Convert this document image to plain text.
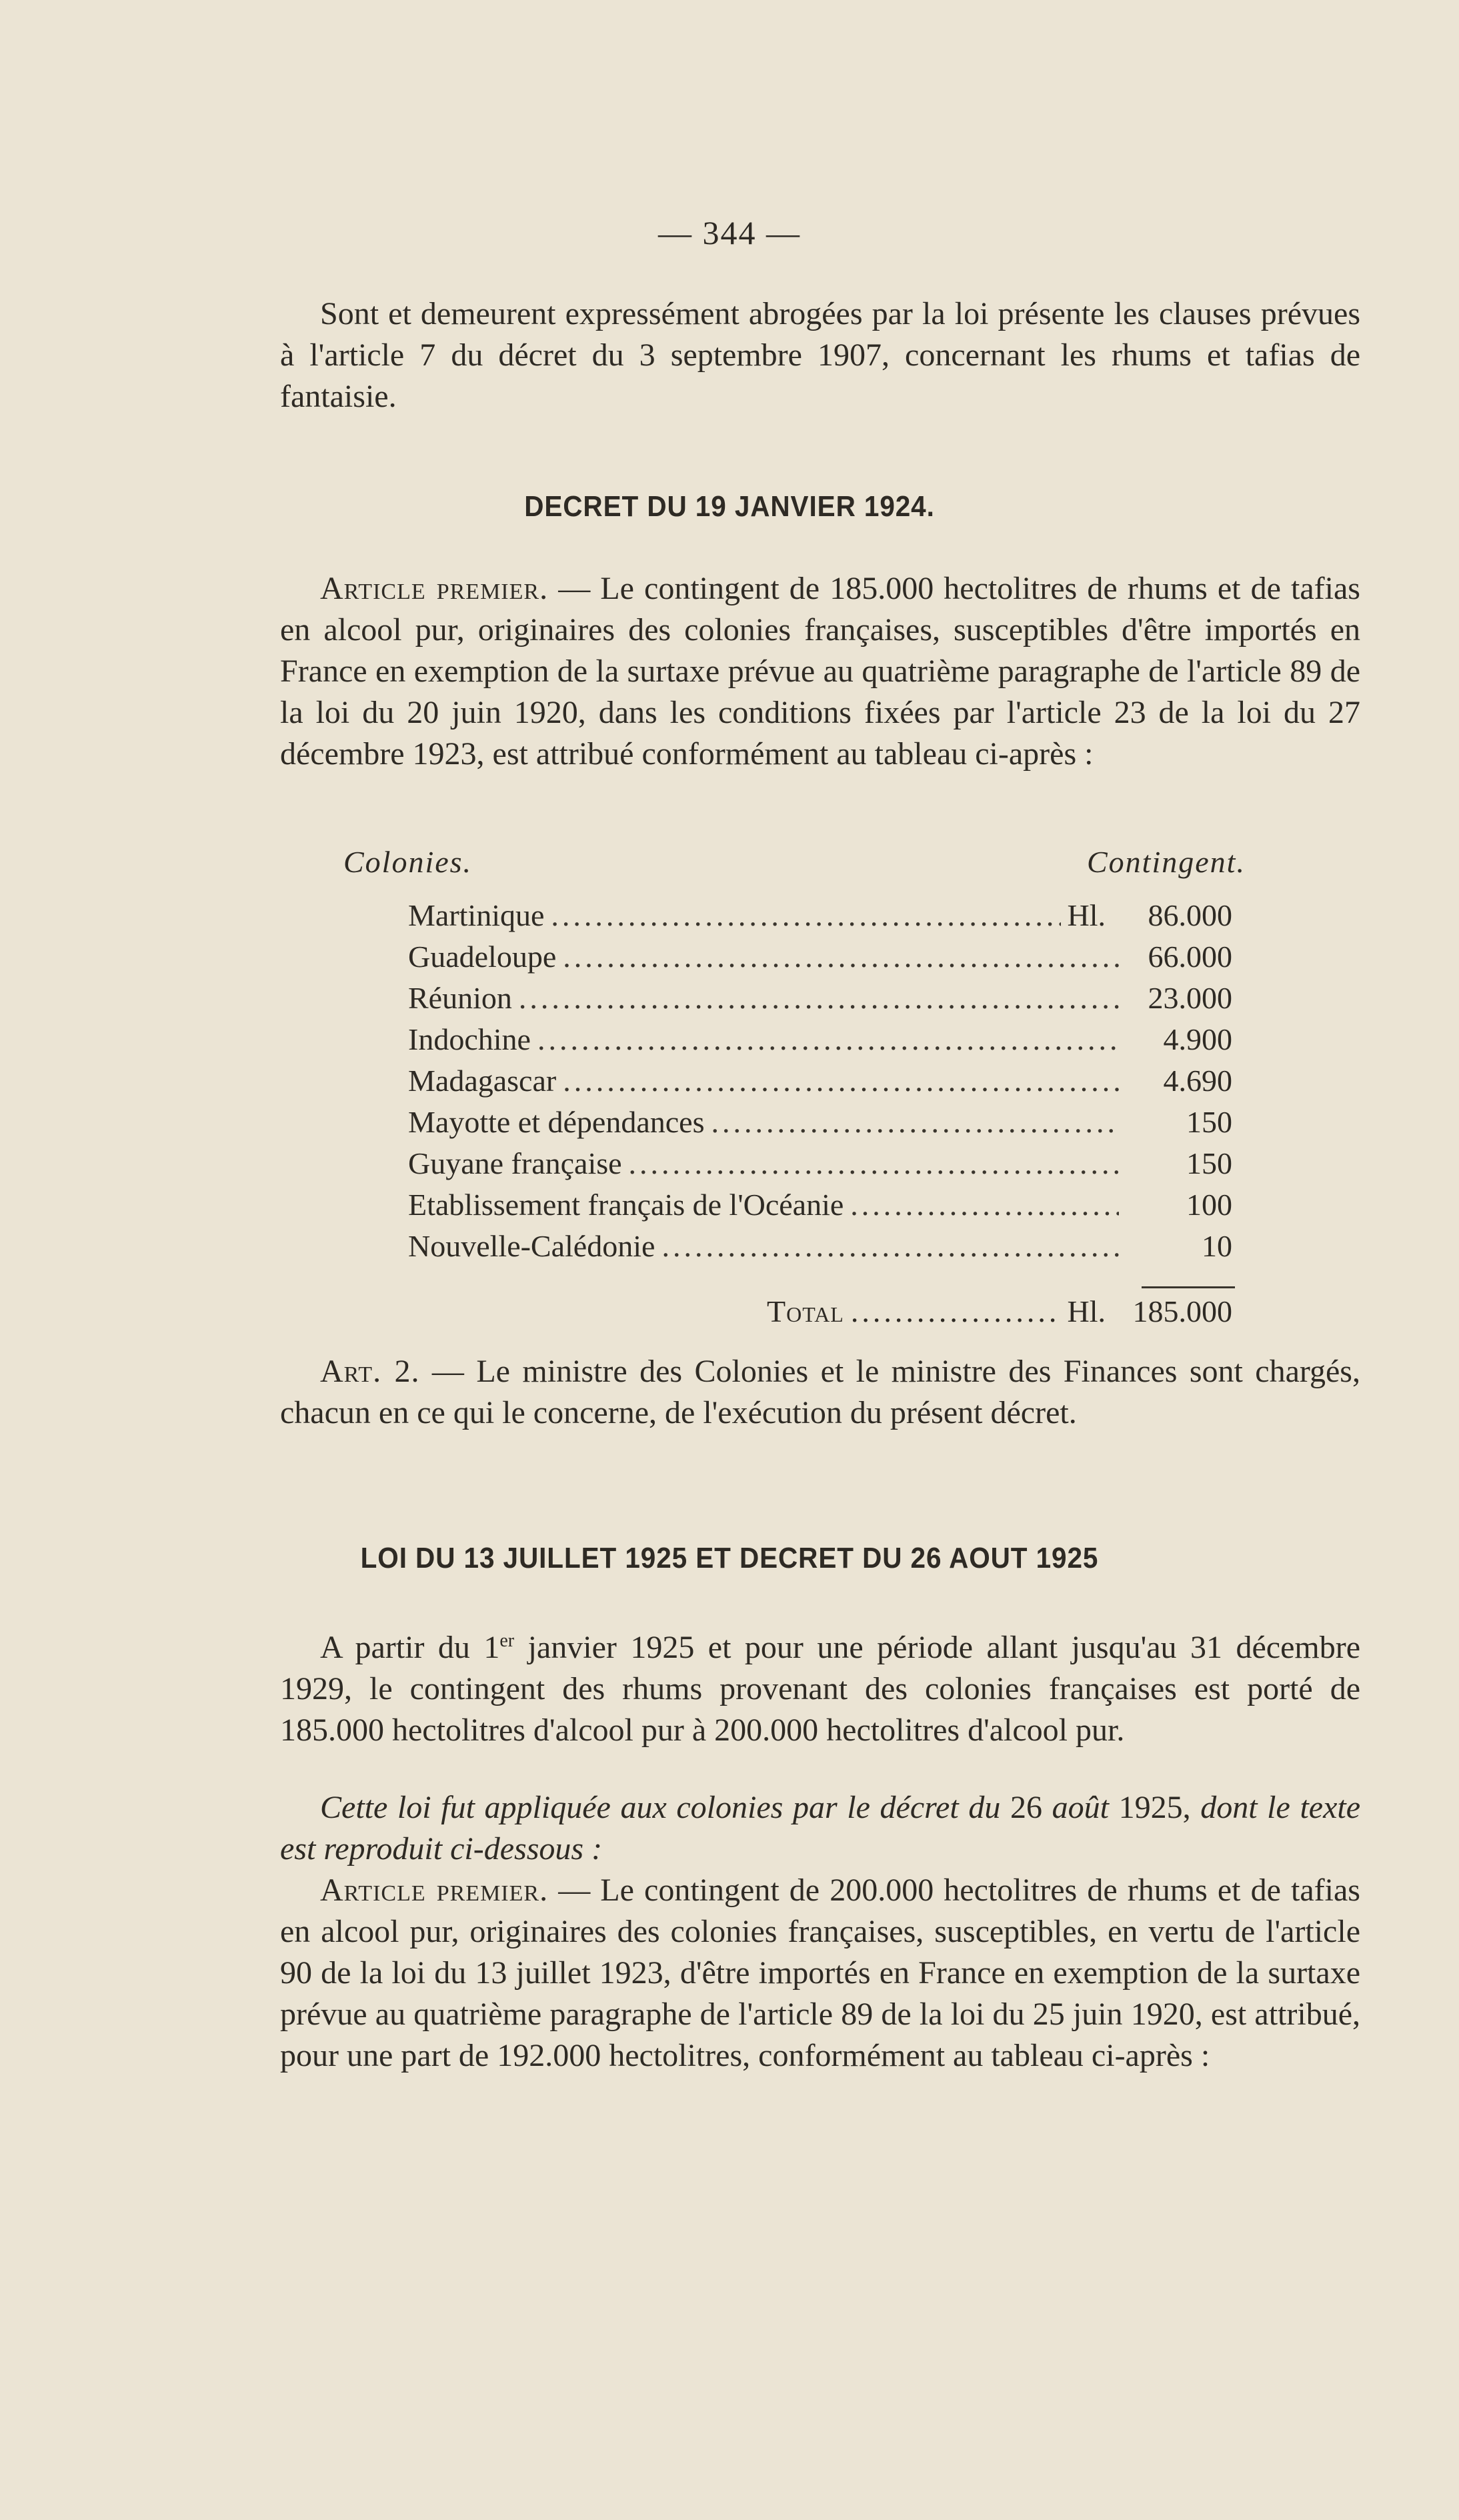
— 344 —

Sont et demeurent expressément abrogées par la loi présente les clauses prévues à l'article 7 du décret du 3 septembre 1907, concernant les rhums et tafias de fantaisie.

DECRET DU 19 JANVIER 1924.

Article premier. — Le contingent de 185.000 hectolitres de rhums et de tafias en alcool pur, originaires des colonies françaises, susceptibles d'être importés en France en exemption de la surtaxe prévue au quatrième paragraphe de l'article 89 de la loi du 20 juin 1920, dans les conditions fixées par l'article 23 de la loi du 27 décembre 1923, est attribué conformément au tableau ci-après :

Colonies.	Contingent.
Martinique .....	Hl.	86.000
Guadeloupe .....	66.000
Réunion .....	23.000
Indochine .....	4.900
Madagascar .....	4.690
Mayotte et dépendances .....	150
Guyane française .....	150
Etablissement français de l'Océanie .....	100
Nouvelle-Calédonie .....	10
Total .....	Hl. 185.000

Art. 2. — Le ministre des Colonies et le ministre des Finances sont chargés, chacun en ce qui le concerne, de l'exécution du présent décret.

LOI DU 13 JUILLET 1925 ET DECRET DU 26 AOUT 1925

A partir du 1er janvier 1925 et pour une période allant jusqu'au 31 décembre 1929, le contingent des rhums provenant des colonies françaises est porté de 185.000 hectolitres d'alcool pur à 200.000 hectolitres d'alcool pur.

Cette loi fut appliquée aux colonies par le décret du 26 août 1925, dont le texte est reproduit ci-dessous :

Article premier. — Le contingent de 200.000 hectolitres de rhums et de tafias en alcool pur, originaires des colonies françaises, susceptibles, en vertu de l'article 90 de la loi du 13 juillet 1923, d'être importés en France en exemption de la surtaxe prévue au quatrième paragraphe de l'article 89 de la loi du 25 juin 1920, est attribué, pour une part de 192.000 hectolitres, conformément au tableau ci-après :
